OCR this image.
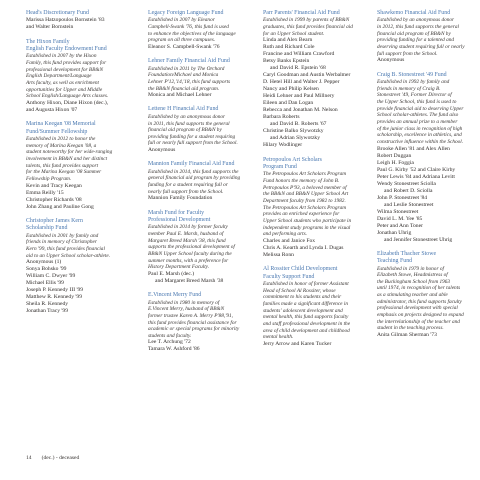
Head's Discretionary Fund
Marissa Hatzopoulos Bornstein '83
and Walter Bornstein
The Hixon Family
English Faculty Endowment Fund
Established in 2007 by the Hixon
Family, this fund provides support for
professional development for BB&N
English Department/Language
Arts faculty, as well as enrichment
opportunities for Upper and Middle
School English/Language Arts classes.
Anthony Hixon, Diane Hixon (dec.),
and Augusta Hixon '07
Marina Keegan '08 Memorial
Fund/Summer Fellowship
Established in 2012 to honor the
memory of Marina Keegan '08, a
student noteworthy for her wide-ranging
involvement in BB&N and her distinct
talents, this fund provides support
for the Marina Keegan '08 Summer
Fellowship Program.
Kevin and Tracy Keegan
Emma Reilly '15
Christopher Richards '08
John Zhang and Pauline Gong
Christopher James Kern
Scholarship Fund
Established in 2001 by family and
friends in memory of Christopher
Kern '99, this fund provides financial
aid to an Upper School scholar-athlete.
Anonymous (1)
Sonya Bohsko '99
William C. Dwyer '99
Michael Ellis '99
Joseph P. Kennedy III '99
Matthew R. Kennedy '99
Sheila R. Kennedy
Jonathan Tracy '99
Legacy Foreign Language Fund
Established in 2007 by Eleanor
Campbell-Swank '76, this fund is used
to enhance the objectives of the language
program on all three campuses.
Eleanor S. Campbell-Swank '76
Lehner Family Financial Aid Fund
Established in 2011 by The Orchard
Foundation/Michael and Monica
Lehner P'12,'14,'18, this fund supports
the BB&N financial aid program.
Monica and Michael Lehner
Lettene H Financial Aid Fund
Established by an anonymous donor
in 2011, this fund supports the general
financial aid program of BB&N by
providing funding for a student requiring
full or nearly full support from the School.
Anonymous
Mannion Family Financial Aid Fund
Established in 2014, this fund supports the
general financial aid program by providing
funding for a student requiring full or
nearly full support from the School.
Mannion Family Foundation
Marsh Fund for Faculty
Professional Development
Established in 2014 by former faculty
member Paul E. Marsh, husband of
Margaret Breed Marsh '38, this fund
supports the professional development of
BB&N Upper School faculty during the
summer months, with a preference for
History Department Faculty.
Paul E. Marsh (dec.)
and Margaret Breed Marsh '38
E.Vincent Merry Fund
Established in 1980 in memory of
E.Vincent Merry, husband of BB&N
former trustee Karen A. Merry P'88,'91,
this fund provides financial assistance for
academic or special programs for minority
students and faculty.
Lee T. Archung '72
Tamara W. Ashford '86
Parr Parents' Financial Aid Fund
Established in 1999 by parents of BB&N
graduates, this fund provides financial aid
for an Upper School student.
Linda and Alex Bearn
Ruth and Richard Cole
Francine and William Crawford
Betsy Banks Epstein
and David R. Epstein '68
Caryl Goodman and Austin Werbalmer
D. Hetel Hill and Walter J. Pepper
Nancy and Philip Kelsen
Heidi Lehner and Paul Millnery
Eileen and Dan Logan
Rebecca and Jonathan M. Nelson
Barbara Roberts
and David B. Roberts '67
Christine Balko Slywotzky
and Adrian Slywotzky
Hilary Wodlinger
Petropoulos Art Scholars
Program Fund
The Petropoulos Art Scholars Program
Fund honors the memory of John B.
Petropoulos P'93, a beloved member of
the BB&N and BB&N Upper School Art
Department faculty from 1982 to 1982.
The Petropoulos Art Scholars Program
provides an enriched experience for
Upper School students who participate in
independent study programs in the visual
and performing arts.
Charles and Janice Fox
Chris A. Kearth and Lynda I. Dugas
Melissa Ronn
Al Rossiter Child Development
Faculty Support Fund
Established in honor of former Assistant
Head of School Al Rossiter, whose
commitment to his students and their
families made a significant difference in
students' adolescent development and
mental health, this fund supports faculty
and staff professional development in the
area of child development and childhood
mental health.
Jerry Arrow and Karen Tucker
Shawkemo Financial Aid Fund
Established by an anonymous donor
in 2012, this fund supports the general
financial aid program of BB&N by
providing funding for a talented and
deserving student requiring full or nearly
full support from the School.
Anonymous
Craig B. Stonestreet '49 Fund
Established in 1992 by family and
friends in memory of Craig B.
Stonestreet '49, Former Director of
the Upper School, this fund is used to
provide financial aid to deserving Upper
School scholar-athletes. The fund also
provides an annual prize to a member
of the junior class in recognition of high
scholarship, excellence in athletics, and
constructive influence within the School.
Brooke Allen '81 and Alex Allen
Robert Duggan
Leigh H. Foggia
Paul G. Kirby '52 and Claire Kirby
Peter Lewis '84 and Adriana Levitt
Wendy Stonestreet Sciolla
and Robert D. Sciolla
John P. Stonestreet '84
and Leslie Stonestreet
Wilma Stonestreet
David L. M. Yee '85
Peter and Ann Toner
Jonathan Uhrig
and Jennifer Stonestreet Uhrig
Elizabeth Thacher Stowe
Teaching Fund
Established in 1979 in honor of
Elizabeth Stowe, Headmistress of
the Buckingham School from 1963
until 1974, in recognition of her talents
as a stimulating teacher and able
administrator, this fund supports faculty
professional development with special
emphasis on projects designed to expand
the interrelationship of the teacher and
student in the teaching process.
Anita Gilman Sherman '73
14 (dec.) - deceased
